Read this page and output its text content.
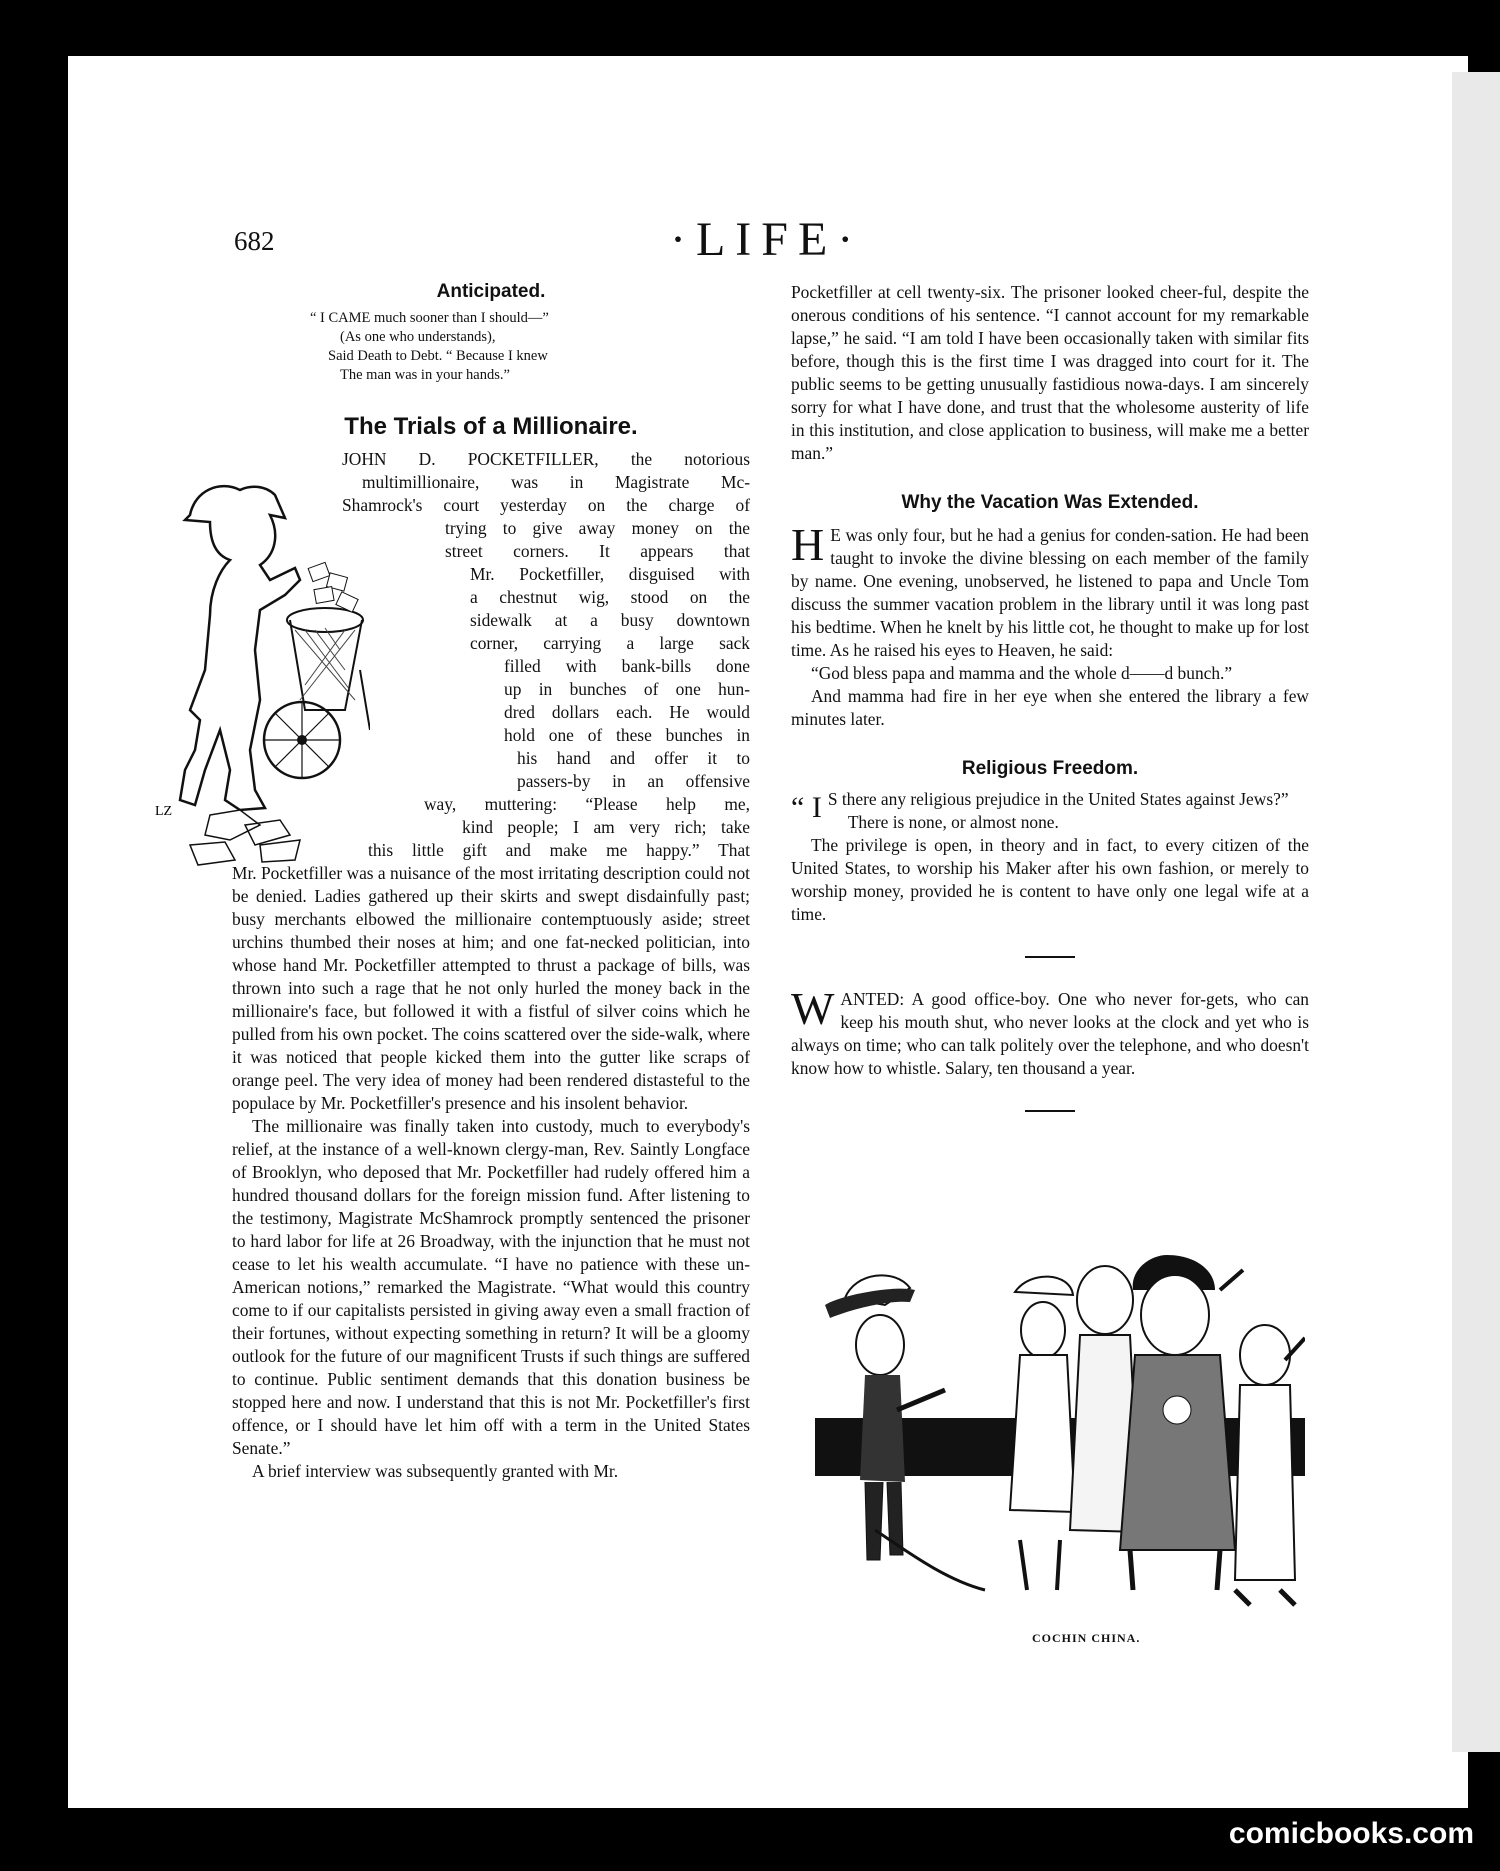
682	·LIFE·
Anticipated.
“ I CAME much sooner than I should—”
(As one who understands),
Said Death to Debt. “ Because I knew
The man was in your hands.”
The Trials of a Millionaire.
JOHN D. POCKETFILLER, the notorious
multimillionaire, was in Magistrate Mc-
Shamrock's court yesterday on the charge of
trying to give away money on the
street corners. It appears that
Mr. Pocketfiller, disguised with
a chestnut wig, stood on the
sidewalk at a busy downtown
corner, carrying a large sack
filled with bank-bills done
up in bunches of one hun-
dred dollars each. He would
hold one of these bunches in
his hand and offer it to
passers-by in an offensive
way, muttering: “Please help me,
kind people; I am very rich; take
this little gift and make me happy.” That

Mr. Pocketfiller was a nuisance of the most irritating description could not be denied. Ladies gathered up their skirts and swept disdainfully past; busy merchants elbowed the millionaire contemptuously aside; street urchins thumbed their noses at him; and one fat-necked politician, into whose hand Mr. Pocketfiller attempted to thrust a package of bills, was thrown into such a rage that he not only hurled the money back in the millionaire's face, but followed it with a fistful of silver coins which he pulled from his own pocket. The coins scattered over the side-walk, where it was noticed that people kicked them into the gutter like scraps of orange peel. The very idea of money had been rendered distasteful to the populace by Mr. Pocketfiller's presence and his insolent behavior.

The millionaire was finally taken into custody, much to everybody's relief, at the instance of a well-known clergy-man, Rev. Saintly Longface of Brooklyn, who deposed that Mr. Pocketfiller had rudely offered him a hundred thousand dollars for the foreign mission fund. After listening to the testimony, Magistrate McShamrock promptly sentenced the prisoner to hard labor for life at 26 Broadway, with the injunction that he must not cease to let his wealth accumulate. “I have no patience with these un-American notions,” remarked the Magistrate. “What would this country come to if our capitalists persisted in giving away even a small fraction of their fortunes, without expecting something in return? It will be a gloomy outlook for the future of our magnificent Trusts if such things are suffered to continue. Public sentiment demands that this donation business be stopped here and now. I understand that this is not Mr. Pocketfiller's first offence, or I should have let him off with a term in the United States Senate.”

A brief interview was subsequently granted with Mr.

LZ

Pocketfiller at cell twenty-six. The prisoner looked cheer-ful, despite the onerous conditions of his sentence. “I cannot account for my remarkable lapse,” he said. “I am told I have been occasionally taken with similar fits before, though this is the first time I was dragged into court for it. The public seems to be getting unusually fastidious nowa-days. I am sincerely sorry for what I have done, and trust that the wholesome austerity of life in this institution, and close application to business, will make me a better man.”

Why the Vacation Was Extended.

H E was only four, but he had a genius for conden-sation. He had been taught to invoke the divine blessing on each member of the family by name. One evening, unobserved, he listened to papa and Uncle Tom discuss the summer vacation problem in the library until it was long past his bedtime. When he knelt by his little cot, he thought to make up for lost time. As he raised his eyes to Heaven, he said:

“God bless papa and mamma and the whole d——d bunch.”

And mamma had fire in her eye when she entered the library a few minutes later.

Religious Freedom.

“ I S there any religious prejudice in the United States against Jews?”

There is none, or almost none.

The privilege is open, in theory and in fact, to every citizen of the United States, to worship his Maker after his own fashion, or merely to worship money, provided he is content to have only one legal wife at a time.

WANTED: A good office-boy. One who never for-gets, who can keep his mouth shut, who never looks at the clock and yet who is always on time; who can talk politely over the telephone, and who doesn't know how to whistle. Salary, ten thousand a year.

COCHIN CHINA.
comicbooks.com
